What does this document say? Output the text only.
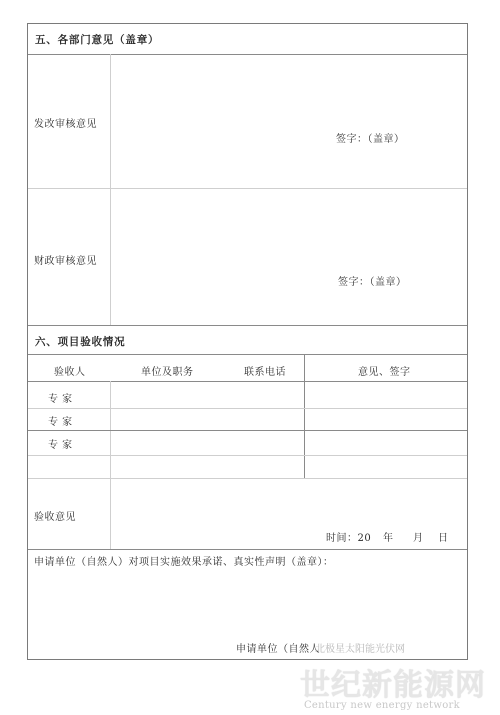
五、各部门意见（盖章）
发改审核意见
签字：（盖章）
财政审核意见
签字：（盖章）
六、项目验收情况
验收人	单位及职务	联系电话	意见、签字
专 家
专 家
专 家
验收意见
时间：20 年 月 日
申请单位（自然人）对项目实施效果承诺、真实性声明（盖章）：
申请单位（自然人
北极星太阳能光伏网
世纪新能源网
Century new energy network
